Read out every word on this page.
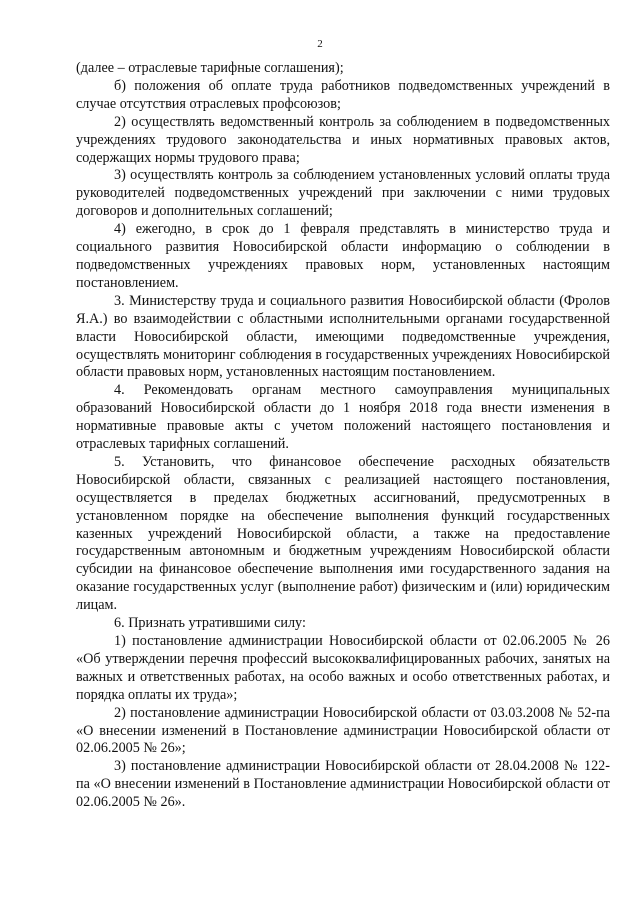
2

(далее – отраслевые тарифные соглашения);

б) положения об оплате труда работников подведомственных учреждений в случае отсутствия отраслевых профсоюзов;

2) осуществлять ведомственный контроль за соблюдением в подведомственных учреждениях трудового законодательства и иных нормативных правовых актов, содержащих нормы трудового права;

3) осуществлять контроль за соблюдением установленных условий оплаты труда руководителей подведомственных учреждений при заключении с ними трудовых договоров и дополнительных соглашений;

4) ежегодно, в срок до 1 февраля представлять в министерство труда и социального развития Новосибирской области информацию о соблюдении в подведомственных учреждениях правовых норм, установленных настоящим постановлением.

3. Министерству труда и социального развития Новосибирской области (Фролов Я.А.) во взаимодействии с областными исполнительными органами государственной власти Новосибирской области, имеющими подведомственные учреждения, осуществлять мониторинг соблюдения в государственных учреждениях Новосибирской области правовых норм, установленных настоящим постановлением.

4. Рекомендовать органам местного самоуправления муниципальных образований Новосибирской области до 1 ноября 2018 года внести изменения в нормативные правовые акты с учетом положений настоящего постановления и отраслевых тарифных соглашений.

5. Установить, что финансовое обеспечение расходных обязательств Новосибирской области, связанных с реализацией настоящего постановления, осуществляется в пределах бюджетных ассигнований, предусмотренных в установленном порядке на обеспечение выполнения функций государственных казенных учреждений Новосибирской области, а также на предоставление государственным автономным и бюджетным учреждениям Новосибирской области субсидии на финансовое обеспечение выполнения ими государственного задания на оказание государственных услуг (выполнение работ) физическим и (или) юридическим лицам.

6. Признать утратившими силу:

1) постановление администрации Новосибирской области от 02.06.2005 № 26 «Об утверждении перечня профессий высококвалифицированных рабочих, занятых на важных и ответственных работах, на особо важных и особо ответственных работах, и порядка оплаты их труда»;

2) постановление администрации Новосибирской области от 03.03.2008 № 52-па «О внесении изменений в Постановление администрации Новосибирской области от 02.06.2005 № 26»;

3) постановление администрации Новосибирской области от 28.04.2008 № 122-па «О внесении изменений в Постановление администрации Новосибирской области от 02.06.2005 № 26».
